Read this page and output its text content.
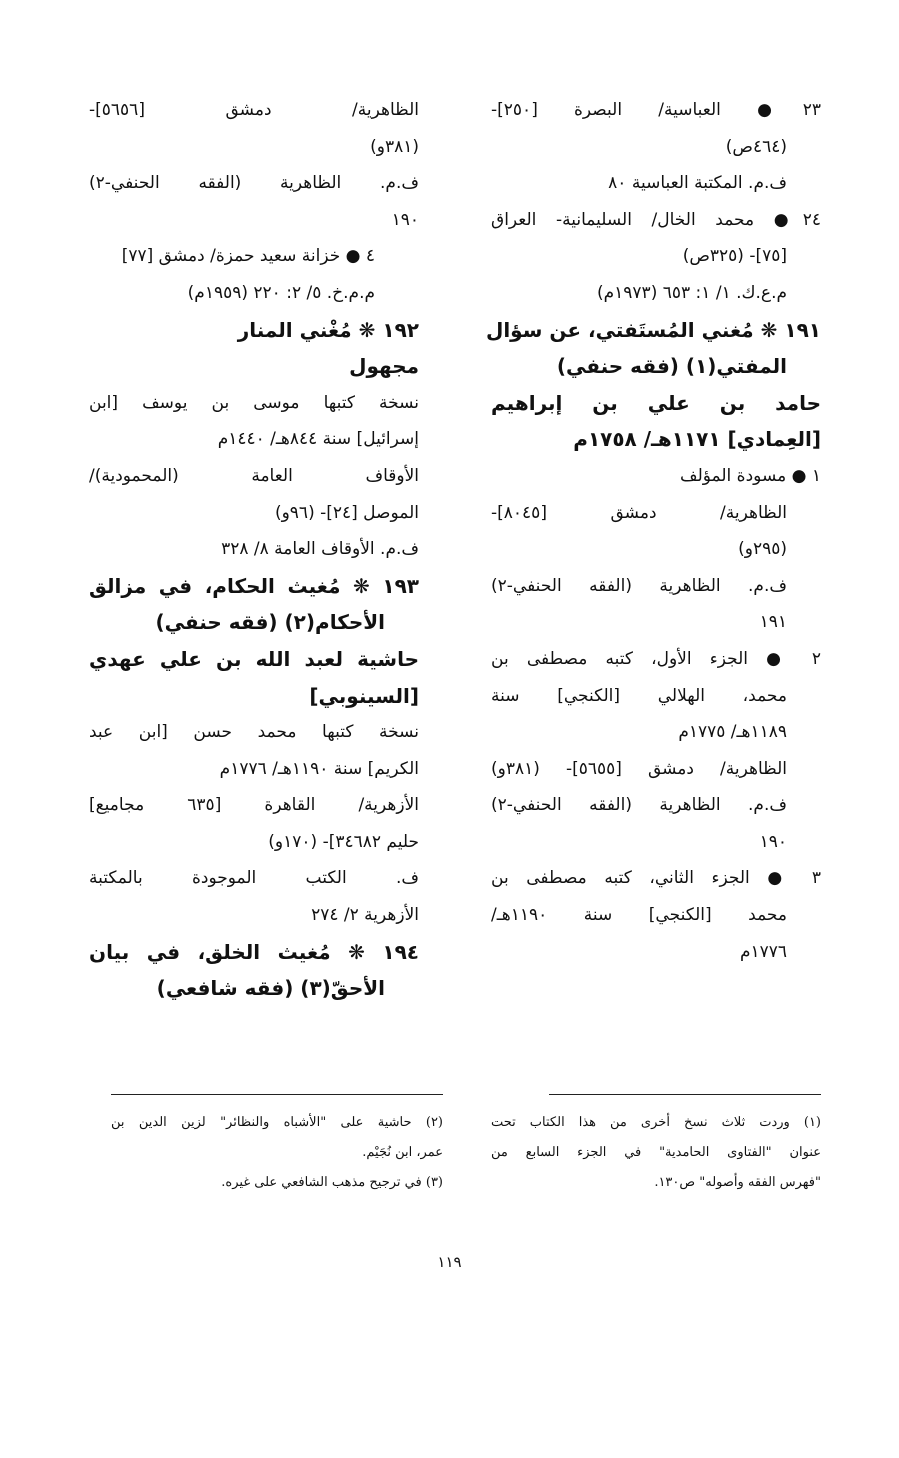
٢٣● العباسية/ البصرة [٢٥٠]-
(٤٦٤ص)
ف.م. المكتبة العباسية ٨٠
٢٤● محمد الخال/ السليمانية- العراق
[٧٥]- (٣٢٥ص)
م.ع.ك. ١/ ١: ٦٥٣ (١٩٧٣م)
١٩١ ❋ مُغني المُستَفتي، عن سؤال
المفتي(١) (فقه حنفي)
حامد بن علي بن إبراهيم
[العِمادي] ١١٧١هـ/ ١٧٥٨م
١ ● مسودة المؤلف
الظاهرية/ دمشق [٨٠٤٥]-
(٢٩٥و)
ف.م. الظاهرية (الفقه الحنفي-٢)
١٩١
٢ ● الجزء الأول، كتبه مصطفى بن
محمد، الهلالي [الكنجي] سنة
١١٨٩هـ/ ١٧٧٥م
الظاهرية/ دمشق [٥٦٥٥]- (٣٨١و)
ف.م. الظاهرية (الفقه الحنفي-٢)
١٩٠
٣ ● الجزء الثاني، كتبه مصطفى بن
محمد [الكنجي] سنة ١١٩٠هـ/
١٧٧٦م
الظاهرية/ دمشق [٥٦٥٦]-
(٣٨١و)
ف.م. الظاهرية (الفقه الحنفي-٢)
١٩٠
٤ ● خزانة سعيد حمزة/ دمشق [٧٧]
م.م.خ. ٥/ ٢: ٢٢٠ (١٩٥٩م)
١٩٢ ❋ مُغْني المنار
مجهول
نسخة كتبها موسى بن يوسف [ابن
إسرائيل] سنة ٨٤٤هـ/ ١٤٤٠م
الأوقاف العامة (المحمودية)/
الموصل [٢٤]- (٩٦و)
ف.م. الأوقاف العامة ٨/ ٣٢٨
١٩٣ ❋ مُغيث الحكام، في مزالق
الأحكام(٢) (فقه حنفي)
حاشية لعبد الله بن علي عهدي
[السينوبي]
نسخة كتبها محمد حسن [ابن عبد
الكريم] سنة ١١٩٠هـ/ ١٧٧٦م
الأزهرية/ القاهرة [٦٣٥ مجاميع]
حليم ٣٤٦٨٢]- (١٧٠و)
ف. الكتب الموجودة بالمكتبة
الأزهرية ٢/ ٢٧٤
١٩٤ ❋ مُغيث الخلق، في بيان
الأحقّ(٣) (فقه شافعي)
(١) وردت ثلاث نسخ أخرى من هذا الكتاب تحت
عنوان "الفتاوى الحامدية" في الجزء السابع من
"فهرس الفقه وأصوله" ص١٣٠.
(٢) حاشية على "الأشباه والنظائر" لزين الدين بن
عمر، ابن نُجَيْم.
(٣) في ترجيح مذهب الشافعي على غيره.
١١٩
